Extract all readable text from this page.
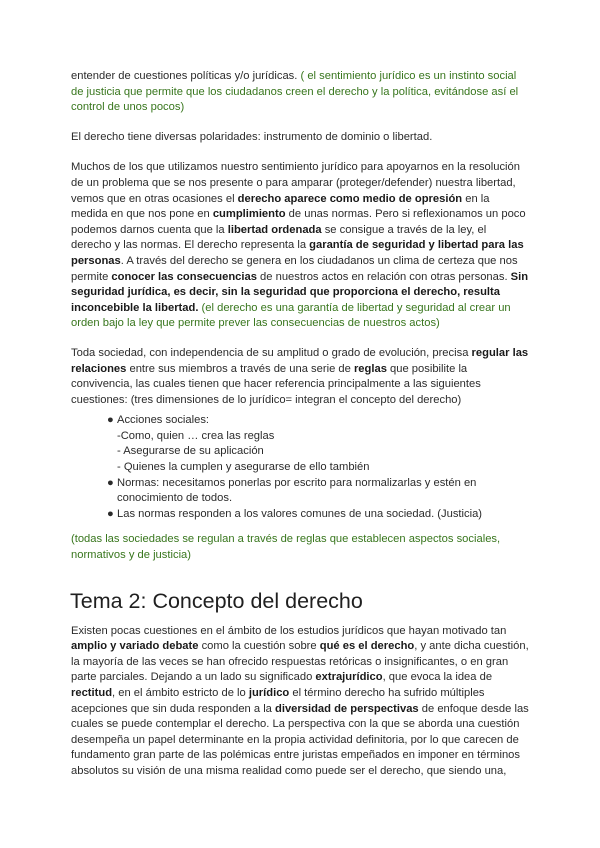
entender de cuestiones políticas y/o jurídicas. ( el sentimiento jurídico es un instinto social de justicia que permite que los ciudadanos creen el derecho y la política, evitándose así el control de unos pocos)

El derecho tiene diversas polaridades: instrumento de dominio o libertad.

Muchos de los que utilizamos nuestro sentimiento jurídico para apoyarnos en la resolución de un problema que se nos presente o para amparar (proteger/defender) nuestra libertad, vemos que en otras ocasiones el derecho aparece como medio de opresión en la medida en que nos pone en cumplimiento de unas normas. Pero si reflexionamos un poco podemos darnos cuenta que la libertad ordenada se consigue a través de la ley, el derecho y las normas. El derecho representa la garantía de seguridad y libertad para las personas. A través del derecho se genera en los ciudadanos un clima de certeza que nos permite conocer las consecuencias de nuestros actos en relación con otras personas. Sin seguridad jurídica, es decir, sin la seguridad que proporciona el derecho, resulta inconcebible la libertad. (el derecho es una garantía de libertad y seguridad al crear un orden bajo la ley que permite prever las consecuencias de nuestros actos)

Toda sociedad, con independencia de su amplitud o grado de evolución, precisa regular las relaciones entre sus miembros a través de una serie de reglas que posibilite la convivencia, las cuales tienen que hacer referencia principalmente a las siguientes cuestiones: (tres dimensiones de lo jurídico= integran el concepto del derecho)

● Acciones sociales:
-Como, quien … crea las reglas
- Asegurarse de su aplicación
- Quienes la cumplen y asegurarse de ello también
● Normas: necesitamos ponerlas por escrito para normalizarlas y estén en conocimiento de todos.
● Las normas responden a los valores comunes de una sociedad. (Justicia)

(todas las sociedades se regulan a través de reglas que establecen aspectos sociales, normativos y de justicia)

Tema 2: Concepto del derecho

Existen pocas cuestiones en el ámbito de los estudios jurídicos que hayan motivado tan amplio y variado debate como la cuestión sobre qué es el derecho, y ante dicha cuestión, la mayoría de las veces se han ofrecido respuestas retóricas o insignificantes, o en gran parte parciales. Dejando a un lado su significado extrajurídico, que evoca la idea de rectitud, en el ámbito estricto de lo jurídico el término derecho ha sufrido múltiples acepciones que sin duda responden a la diversidad de perspectivas de enfoque desde las cuales se puede contemplar el derecho. La perspectiva con la que se aborda una cuestión desempeña un papel determinante en la propia actividad definitoria, por lo que carecen de fundamento gran parte de las polémicas entre juristas empeñados en imponer en términos absolutos su visión de una misma realidad como puede ser el derecho, que siendo una,
